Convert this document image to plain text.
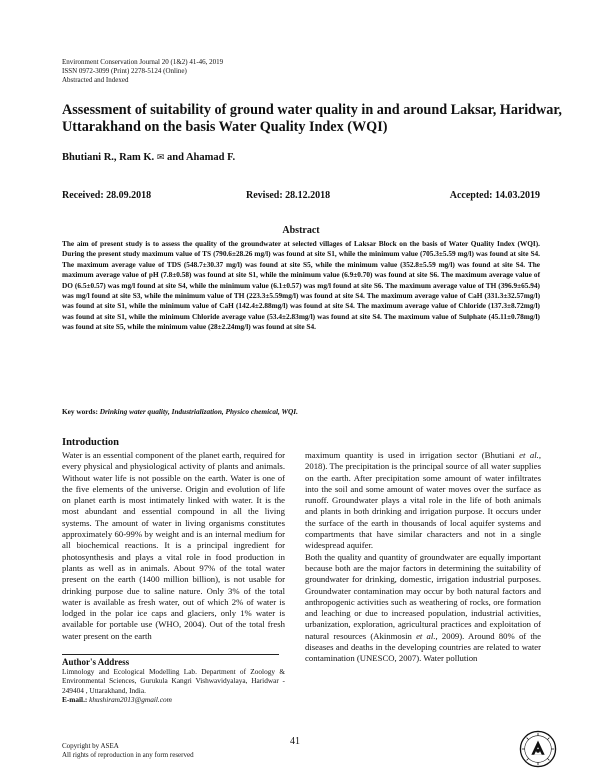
Environment Conservation Journal 20 (1&2) 41-46, 2019
ISSN 0972-3099 (Print) 2278-5124 (Online)
Abstracted and Indexed
Assessment of suitability of ground water quality in and around Laksar, Haridwar, Uttarakhand on the basis Water Quality Index (WQI)
Bhutiani R., Ram K. ✉ and Ahamad F.
Received: 28.09.2018	Revised: 28.12.2018	Accepted: 14.03.2019
Abstract
The aim of present study is to assess the quality of the groundwater at selected villages of Laksar Block on the basis of Water Quality Index (WQI). During the present study maximum value of TS (790.6±28.26 mg/l) was found at site S1, while the minimum value (705.3±5.59 mg/l) was found at site S4. The maximum average value of TDS (548.7±30.37 mg/l) was found at site S5, while the minimum value (352.8±5.59 mg/l) was found at site S4. The maximum average value of pH (7.8±0.58) was found at site S1, while the minimum value (6.9±0.70) was found at site S6. The maximum average value of DO (6.5±0.57) was mg/l found at site S4, while the minimum value (6.1±0.57) was mg/l found at site S6. The maximum average value of TH (396.9±65.94) was mg/l found at site S3, while the minimum value of TH (223.3±5.59mg/l) was found at site S4. The maximum average value of CaH (331.3±32.57mg/l) was found at site S1, while the minimum value of CaH (142.4±2.88mg/l) was found at site S4. The maximum average value of Chloride (137.3±8.72mg/l) was found at site S1, while the minimum Chloride average value (53.4±2.83mg/l) was found at site S4. The maximum value of Sulphate (45.11±0.78mg/l) was found at site S5, while the minimum value (28±2.24mg/l) was found at site S4.
Key words: Drinking water quality, Industrialization, Physico chemical, WQI.
Introduction

Water is an essential component of the planet earth, required for every physical and physiological activity of plants and animals. Without water life is not possible on the earth. Water is one of the five elements of the universe. Origin and evolution of life on planet earth is most intimately linked with water. It is the most abundant and essential compound in all the living systems. The amount of water in living organisms constitutes approximately 60-99% by weight and is an internal medium for all biochemical reactions. It is a principal ingredient for photosynthesis and plays a vital role in food production in plants as well as in animals. About 97% of the total water present on the earth (1400 million billion), is not usable for drinking purpose due to saline nature. Only 3% of the total water is available as fresh water, out of which 2% of water is lodged in the polar ice caps and glaciers, only 1% water is available for portable use (WHO, 2004). Out of the total fresh water present on the earth

maximum quantity is used in irrigation sector (Bhutiani et al., 2018). The precipitation is the principal source of all water supplies on the earth. After precipitation some amount of water infiltrates into the soil and some amount of water moves over the surface as runoff. Groundwater plays a vital role in the life of both animals and plants in both drinking and irrigation purpose. It occurs under the surface of the earth in thousands of local aquifer systems and compartments that have similar characters and not in a single widespread aquifer.

Both the quality and quantity of groundwater are equally important because both are the major factors in determining the suitability of groundwater for drinking, domestic, irrigation industrial purposes. Groundwater contamination may occur by both natural factors and anthropogenic activities such as weathering of rocks, ore formation and leaching or due to increased population, industrial activities, urbanization, exploration, agricultural practices and exploitation of natural resources (Akinmosin et al., 2009). Around 80% of the diseases and deaths in the developing countries are related to water contamination (UNESCO, 2007). Water pollution

Author's Address

Limnology and Ecological Modelling Lab. Department of Zoology & Environmental Sciences, Gurukula Kangri Vishwavidyalaya, Haridwar - 249404 , Uttarakhand, India.

E-mail.: khushiram2013@gmail.com

41
Copyright by ASEA
All rights of reproduction in any form reserved
